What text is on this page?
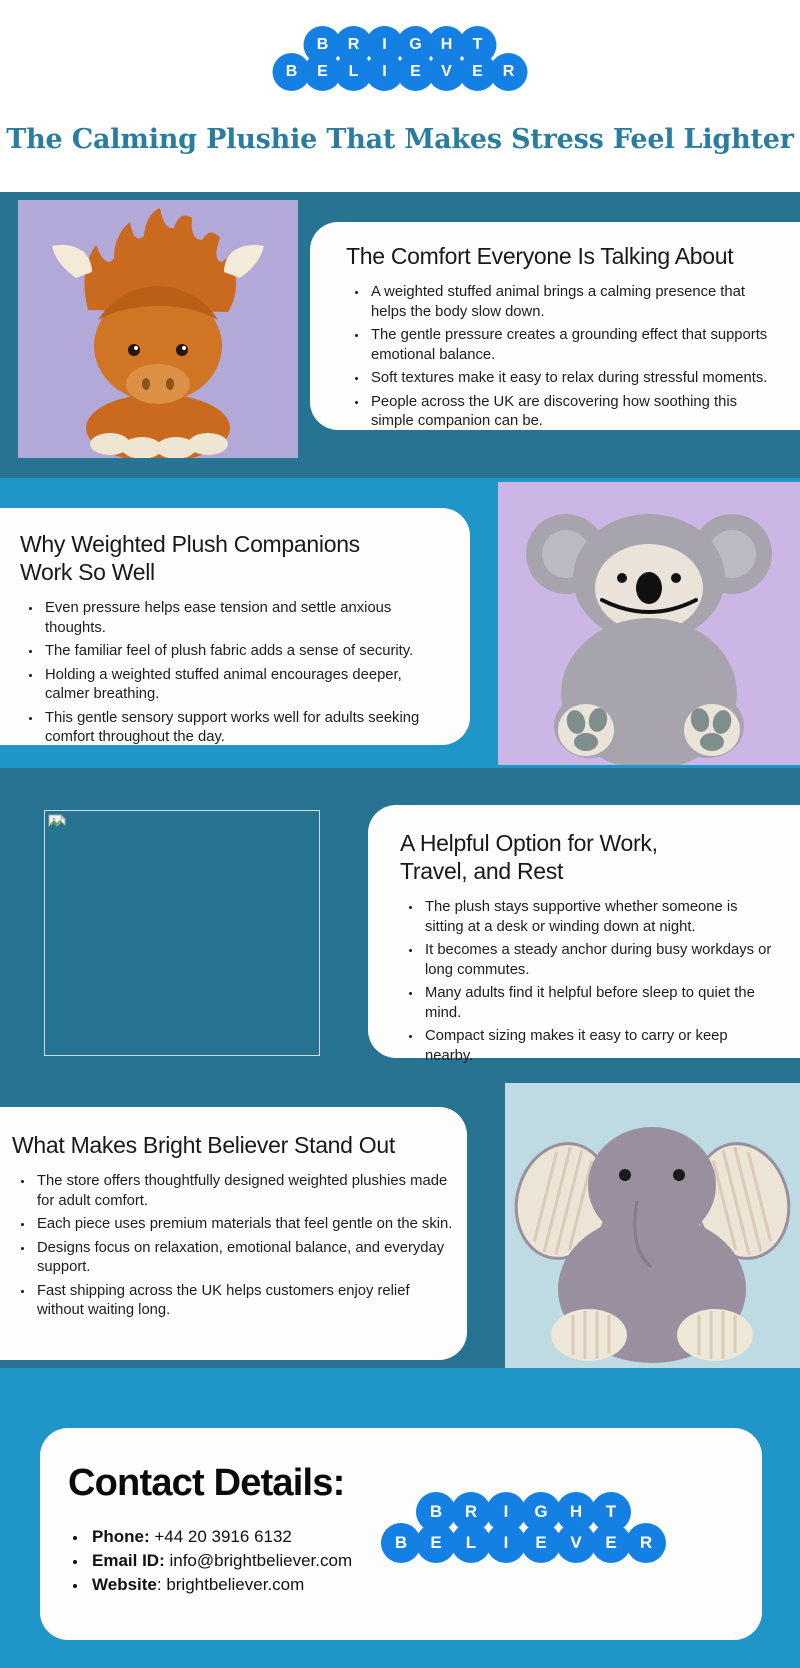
B	R	I	G	H	T
B	E	L	I	E	V	E	R
The Calming Plushie That Makes Stress Feel Lighter
The Comfort Everyone Is Talking About
• A weighted stuffed animal brings a calming presence that helps the body slow down.
• The gentle pressure creates a grounding effect that supports emotional balance.
• Soft textures make it easy to relax during stressful moments.
• People across the UK are discovering how soothing this simple companion can be.
Why Weighted Plush Companions Work So Well
• Even pressure helps ease tension and settle anxious thoughts.
• The familiar feel of plush fabric adds a sense of security.
• Holding a weighted stuffed animal encourages deeper, calmer breathing.
• This gentle sensory support works well for adults seeking comfort throughout the day.
A Helpful Option for Work, Travel, and Rest
• The plush stays supportive whether someone is sitting at a desk or winding down at night.
• It becomes a steady anchor during busy workdays or long commutes.
• Many adults find it helpful before sleep to quiet the mind.
• Compact sizing makes it easy to carry or keep nearby.
What Makes Bright Believer Stand Out
• The store offers thoughtfully designed weighted plushies made for adult comfort.
• Each piece uses premium materials that feel gentle on the skin.
• Designs focus on relaxation, emotional balance, and everyday support.
• Fast shipping across the UK helps customers enjoy relief without waiting long.
Contact Details:
• Phone: +44 20 3916 6132
• Email ID: info@brightbeliever.com
• Website: brightbeliever.com
B	R	I	G	H	T
B	E	L	I	E	V	E	R
